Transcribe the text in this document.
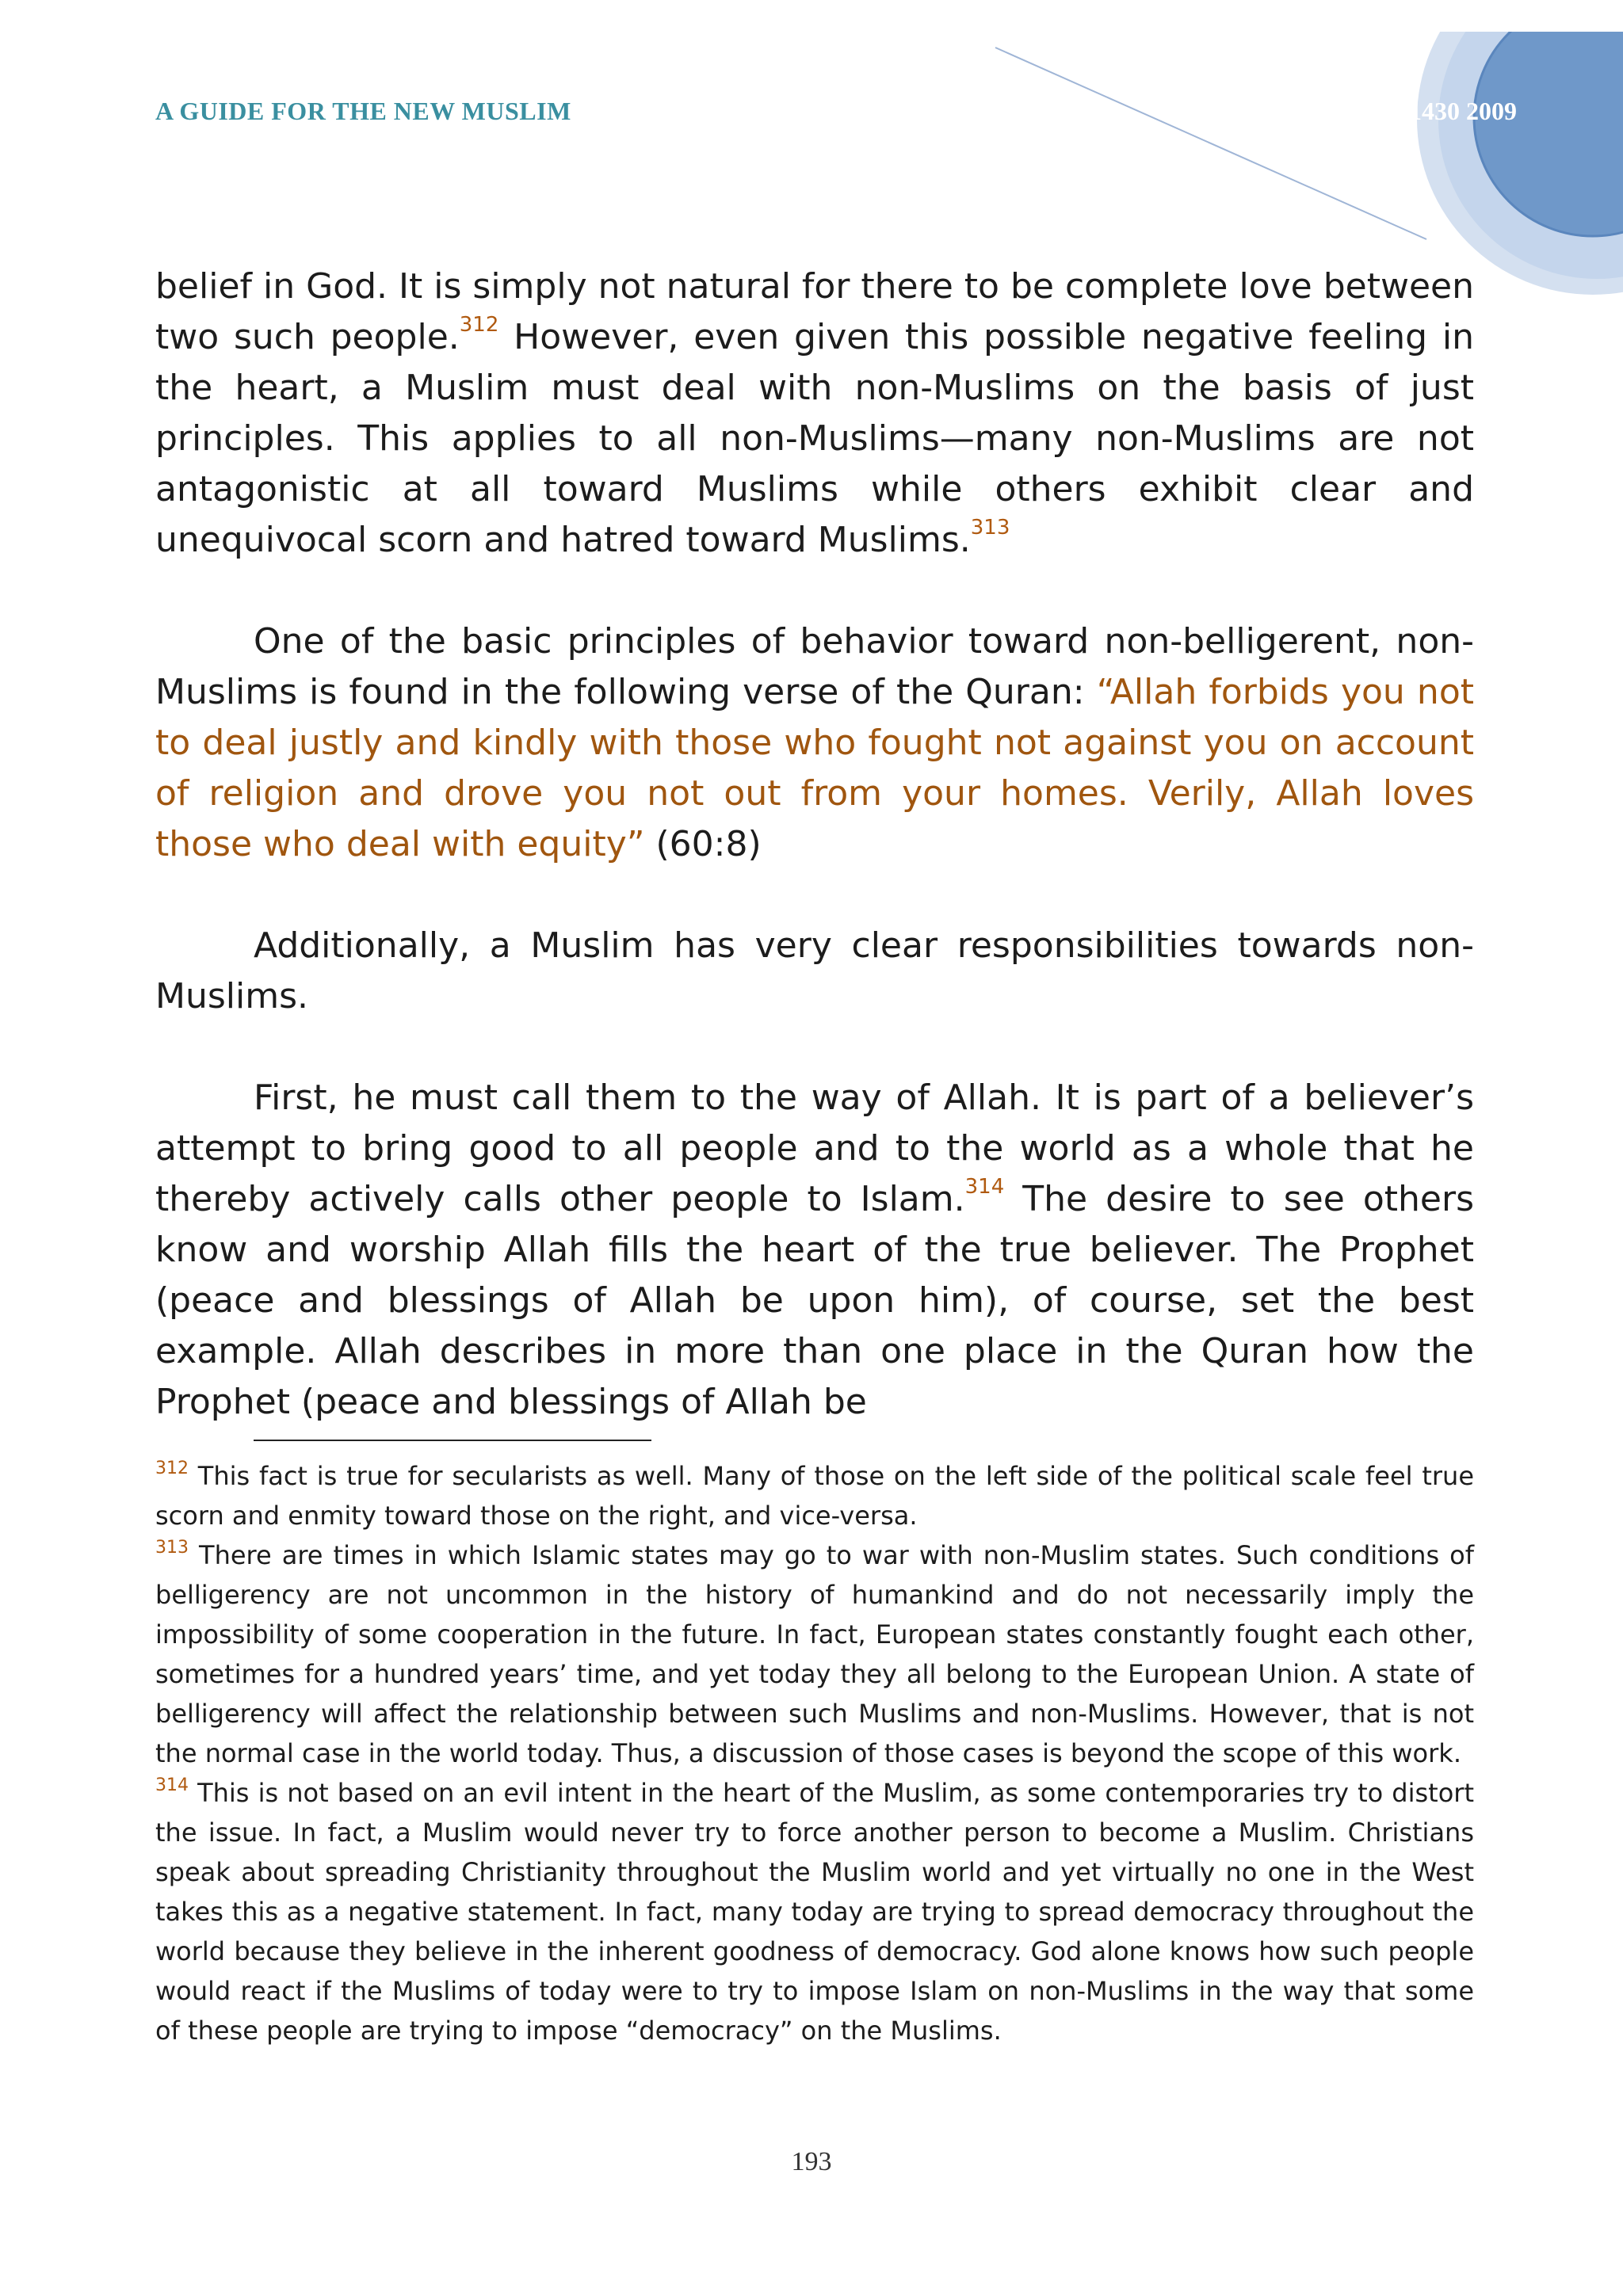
A GUIDE FOR THE NEW MUSLIM	1430 2009

belief in God. It is simply not natural for there to be complete love between two such people.$^{312}$ However, even given this possible negative feeling in the heart, a Muslim must deal with non-Muslims on the basis of just principles. This applies to all non-Muslims—many non-Muslims are not antagonistic at all toward Muslims while others exhibit clear and unequivocal scorn and hatred toward Muslims.$^{313}$

One of the basic principles of behavior toward non-belligerent, non-Muslims is found in the following verse of the Quran: “Allah forbids you not to deal justly and kindly with those who fought not against you on account of religion and drove you not out from your homes. Verily, Allah loves those who deal with equity” (60:8)

Additionally, a Muslim has very clear responsibilities towards non-Muslims.

First, he must call them to the way of Allah. It is part of a believer’s attempt to bring good to all people and to the world as a whole that he thereby actively calls other people to Islam.$^{314}$ The desire to see others know and worship Allah fills the heart of the true believer. The Prophet (peace and blessings of Allah be upon him), of course, set the best example. Allah describes in more than one place in the Quran how the Prophet (peace and blessings of Allah be

$^{312}$ This fact is true for secularists as well. Many of those on the left side of the political scale feel true scorn and enmity toward those on the right, and vice-versa.

$^{313}$ There are times in which Islamic states may go to war with non-Muslim states. Such conditions of belligerency are not uncommon in the history of humankind and do not necessarily imply the impossibility of some cooperation in the future. In fact, European states constantly fought each other, sometimes for a hundred years’ time, and yet today they all belong to the European Union. A state of belligerency will affect the relationship between such Muslims and non-Muslims. However, that is not the normal case in the world today. Thus, a discussion of those cases is beyond the scope of this work.

$^{314}$ This is not based on an evil intent in the heart of the Muslim, as some contemporaries try to distort the issue. In fact, a Muslim would never try to force another person to become a Muslim. Christians speak about spreading Christianity throughout the Muslim world and yet virtually no one in the West takes this as a negative statement. In fact, many today are trying to spread democracy throughout the world because they believe in the inherent goodness of democracy. God alone knows how such people would react if the Muslims of today were to try to impose Islam on non-Muslims in the way that some of these people are trying to impose “democracy” on the Muslims.

193
